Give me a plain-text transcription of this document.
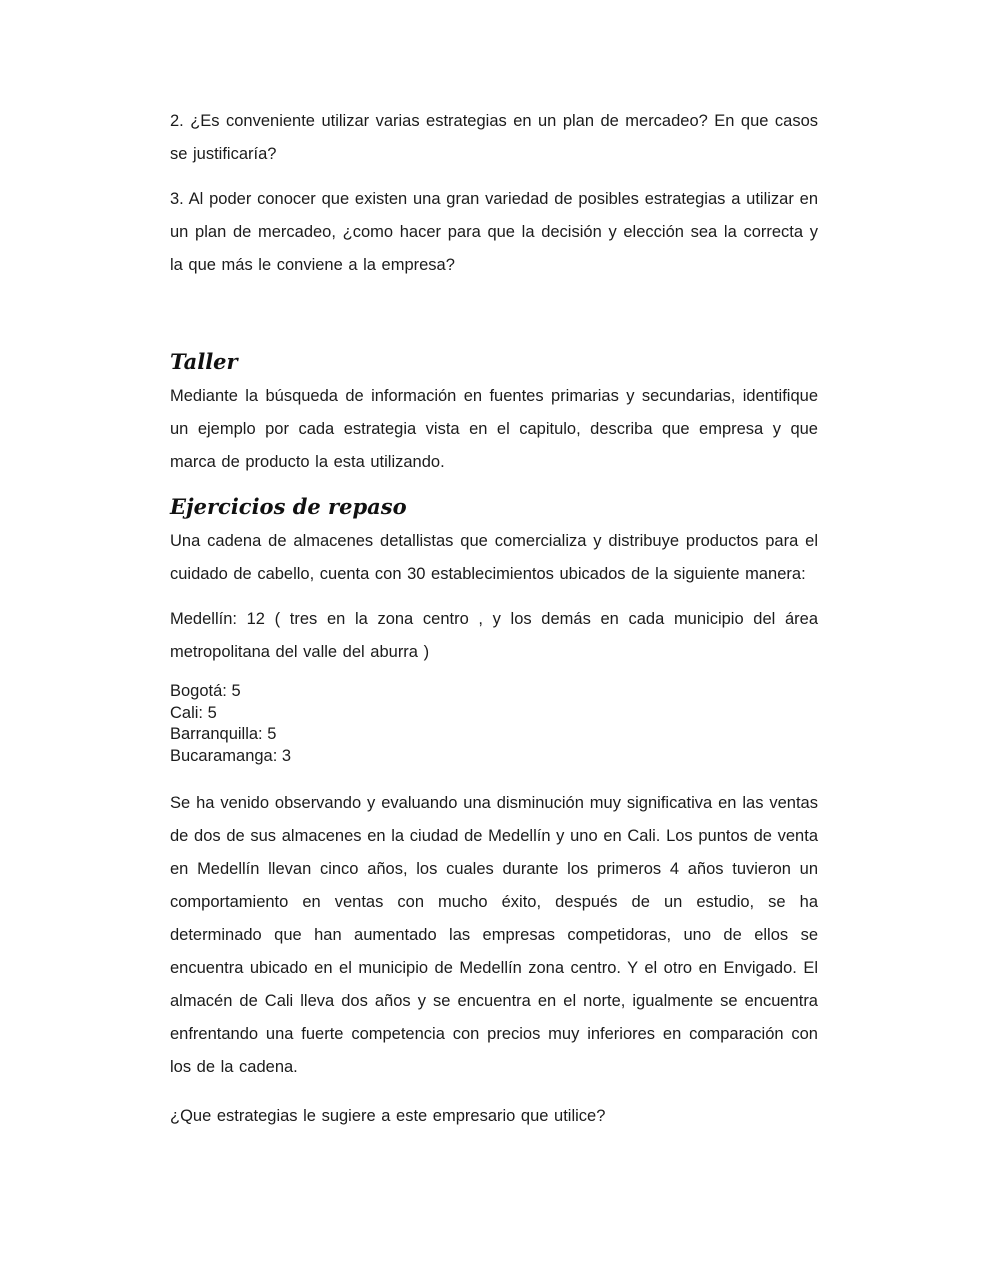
2. ¿Es conveniente utilizar varias estrategias en un plan de mercadeo? En que casos se justificaría?

3. Al poder conocer que existen una gran variedad de posibles estrategias a utilizar en un plan de mercadeo, ¿como hacer para que la decisión y elección sea la correcta y la que más le conviene a la empresa?

Taller

Mediante la búsqueda de información en fuentes primarias y secundarias, identifique un ejemplo por cada estrategia vista en el capitulo, describa que empresa y que marca de producto la esta utilizando.

Ejercicios de repaso

Una cadena de almacenes detallistas que comercializa y distribuye productos para el cuidado de cabello, cuenta con 30 establecimientos ubicados de la siguiente manera:

Medellín: 12 ( tres en la zona centro , y los demás en cada municipio del área metropolitana del valle del aburra )

Bogotá: 5
Cali: 5
Barranquilla: 5
Bucaramanga: 3

Se ha venido observando y evaluando una disminución muy significativa en las ventas de dos de sus almacenes en la ciudad de Medellín y uno en Cali. Los puntos de venta en Medellín llevan cinco años, los cuales durante los primeros 4 años tuvieron un comportamiento en ventas con mucho éxito, después de un estudio, se ha determinado que han aumentado las empresas competidoras, uno de ellos se encuentra ubicado en el municipio de Medellín zona centro. Y el otro en Envigado. El almacén de Cali lleva dos años y se encuentra en el norte, igualmente se encuentra enfrentando una fuerte competencia con precios muy inferiores en comparación con los de la cadena.

¿Que estrategias le sugiere a este empresario que utilice?
